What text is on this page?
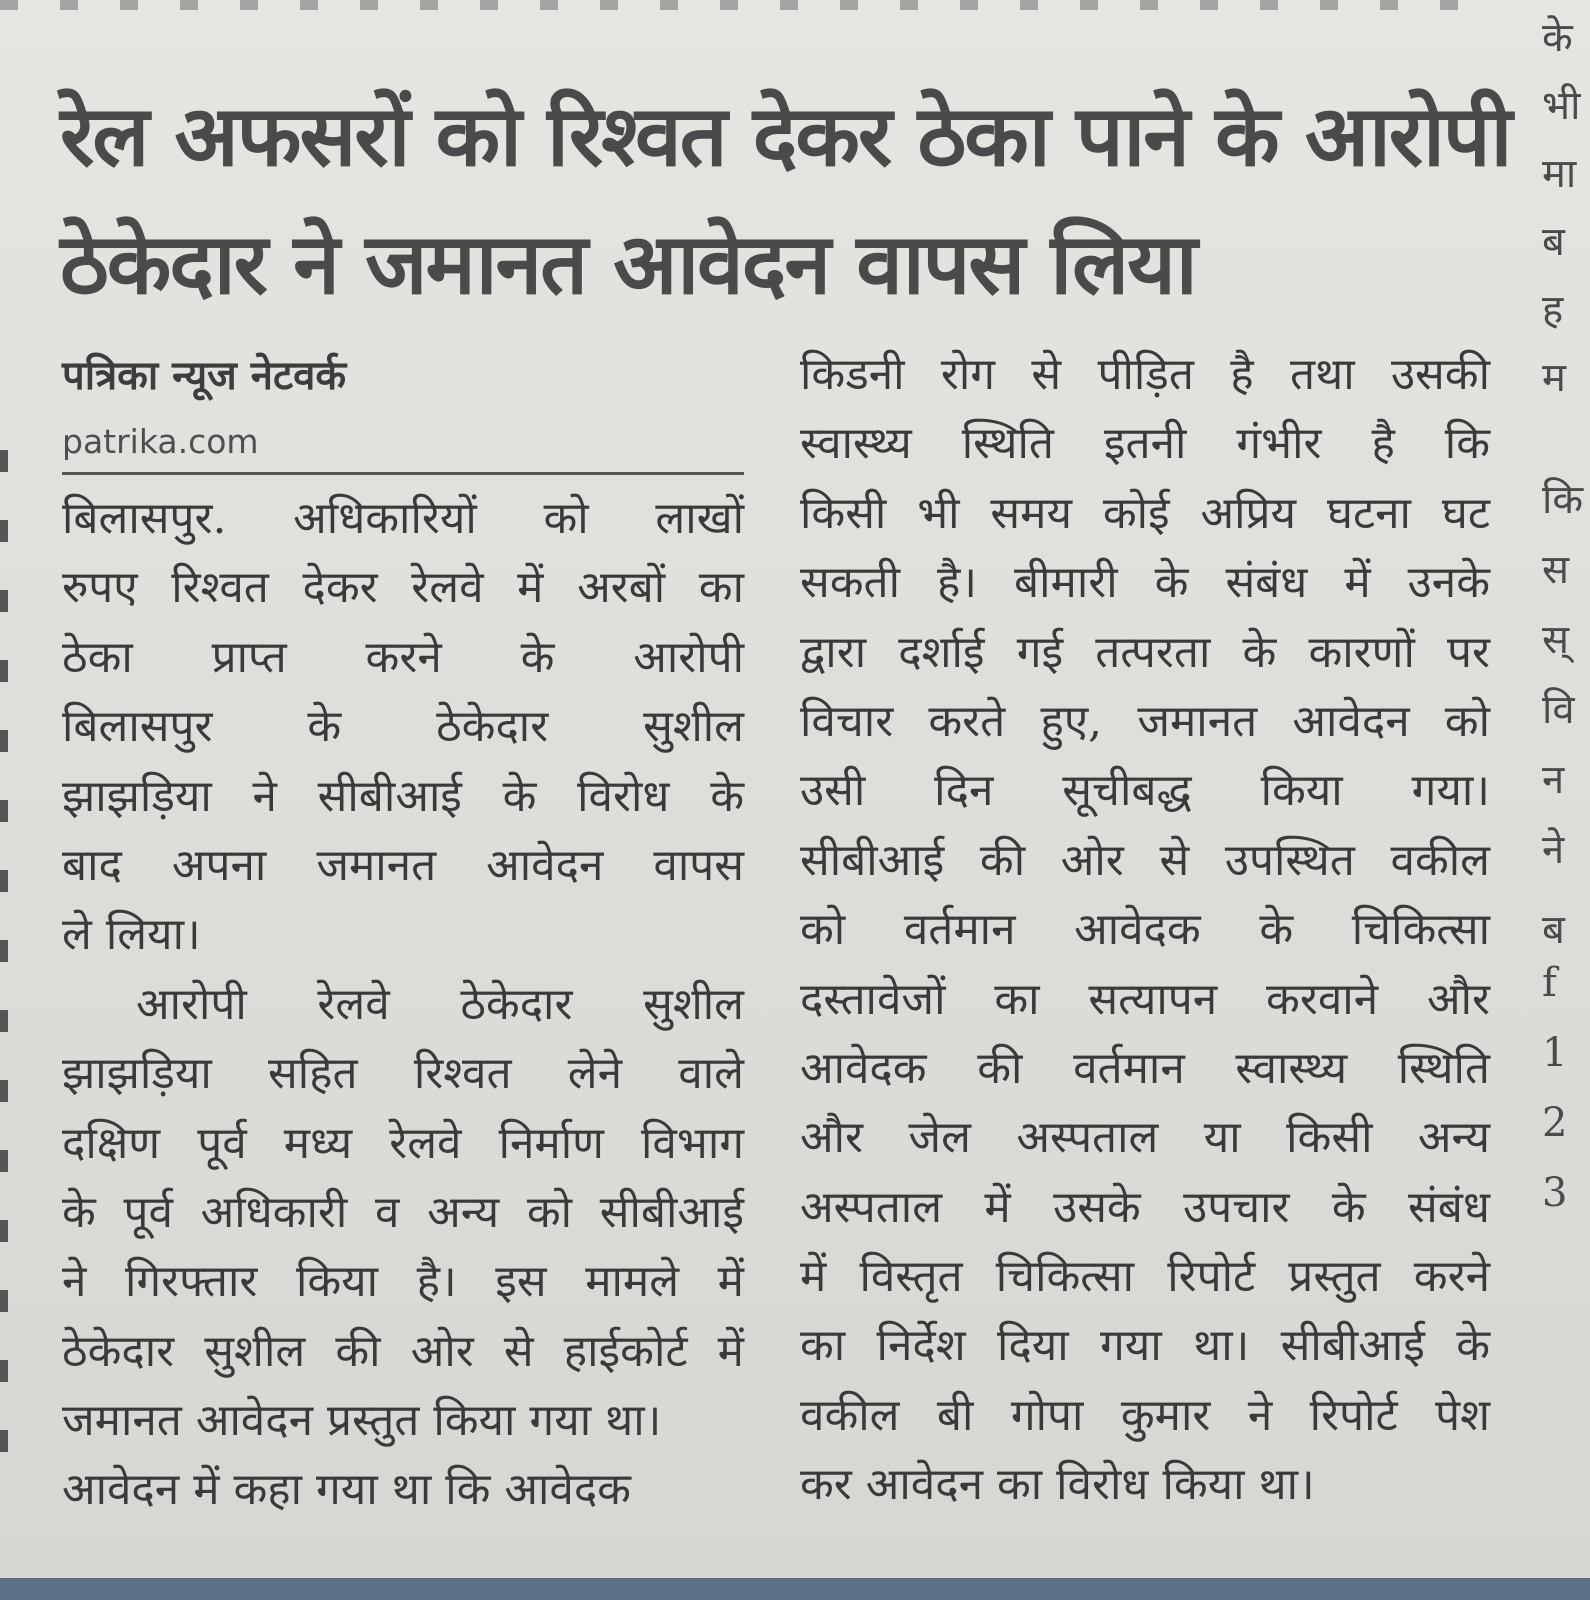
रेल अफसरों को रिश्वत देकर ठेका पाने के आरोपी
ठेकेदार ने जमानत आवेदन वापस लिया
पत्रिका न्यूज नेटवर्क
patrika.com
बिलासपुर. अधिकारियों को लाखों
रुपए रिश्वत देकर रेलवे में अरबों का
ठेका प्राप्त करने के आरोपी
बिलासपुर के ठेकेदार सुशील
झाझड़िया ने सीबीआई के विरोध के
बाद अपना जमानत आवेदन वापस
ले लिया।
आरोपी रेलवे ठेकेदार सुशील
झाझड़िया सहित रिश्वत लेने वाले
दक्षिण पूर्व मध्य रेलवे निर्माण विभाग
के पूर्व अधिकारी व अन्य को सीबीआई
ने गिरफ्तार किया है। इस मामले में
ठेकेदार सुशील की ओर से हाईकोर्ट में
जमानत आवेदन प्रस्तुत किया गया था।
आवेदन में कहा गया था कि आवेदक
किडनी रोग से पीड़ित है तथा उसकी
स्वास्थ्य स्थिति इतनी गंभीर है कि
किसी भी समय कोई अप्रिय घटना घट
सकती है। बीमारी के संबंध में उनके
द्वारा दर्शाई गई तत्परता के कारणों पर
विचार करते हुए, जमानत आवेदन को
उसी दिन सूचीबद्ध किया गया।
सीबीआई की ओर से उपस्थित वकील
को वर्तमान आवेदक के चिकित्सा
दस्तावेजों का सत्यापन करवाने और
आवेदक की वर्तमान स्वास्थ्य स्थिति
और जेल अस्पताल या किसी अन्य
अस्पताल में उसके उपचार के संबंध
में विस्तृत चिकित्सा रिपोर्ट प्रस्तुत करने
का निर्देश दिया गया था। सीबीआई के
वकील बी गोपा कुमार ने रिपोर्ट पेश
कर आवेदन का विरोध किया था।
के
भी
मा
ब
ह
म
कि
स
स्
वि
न
ने
ब
f
1
2
3
